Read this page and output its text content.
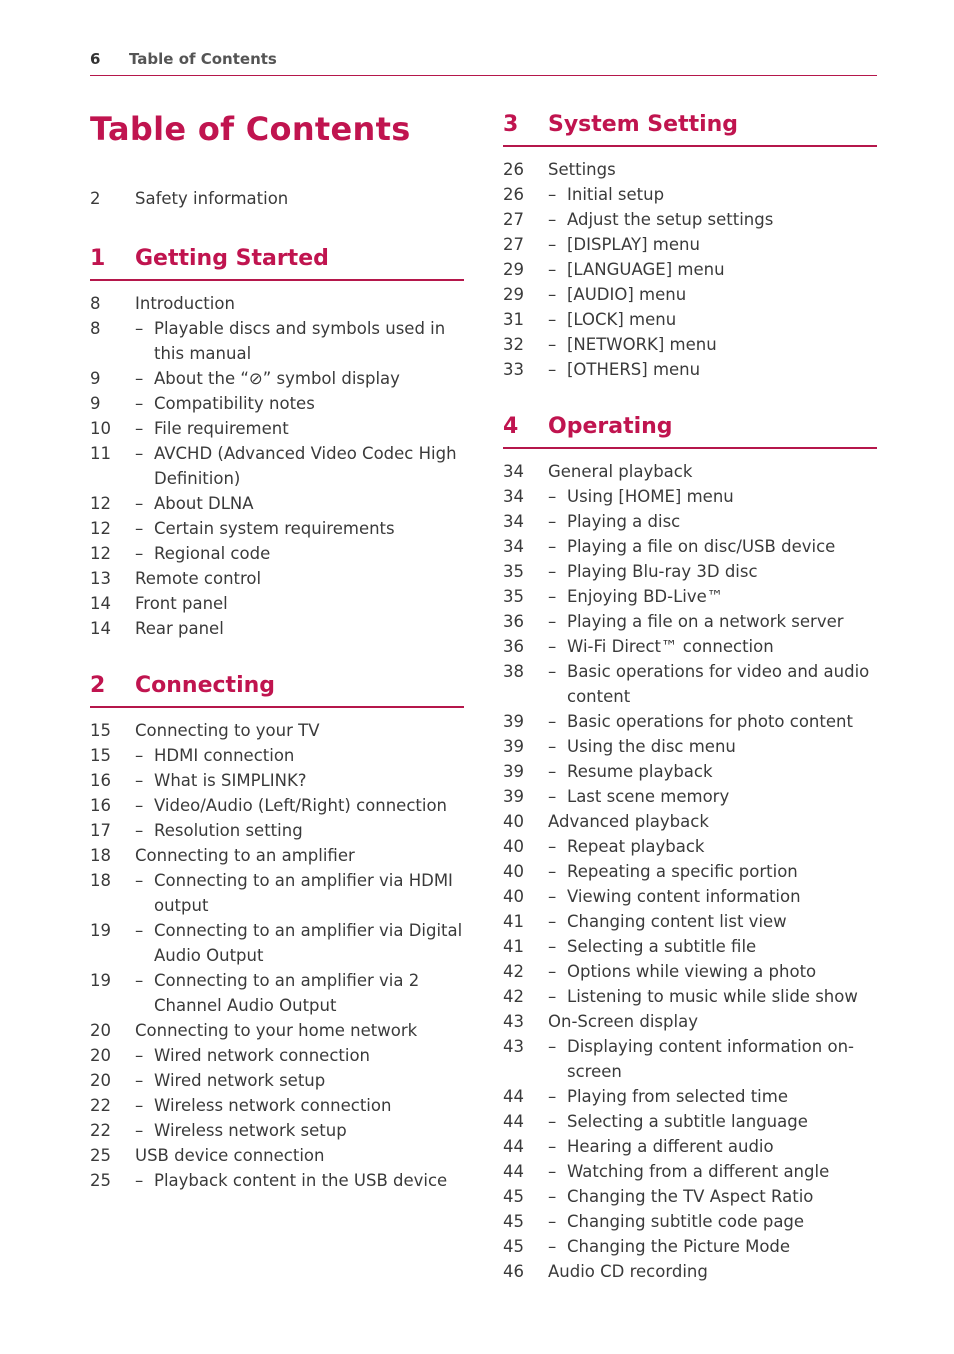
6 Table of Contents
Table of Contents
2	Safety information
1 Getting Started
8	Introduction
8 – Playable discs and symbols used in this manual
9 – About the “⊘” symbol display
9 – Compatibility notes
10 – File requirement
11 – AVCHD (Advanced Video Codec High Definition)
12 – About DLNA
12 – Certain system requirements
12 – Regional code
13	Remote control
14	Front panel
14	Rear panel
2 Connecting
15	Connecting to your TV
15 – HDMI connection
16 – What is SIMPLINK?
16 – Video/Audio (Left/Right) connection
17 – Resolution setting
18	Connecting to an amplifier
18 – Connecting to an amplifier via HDMI output
19 – Connecting to an amplifier via Digital Audio Output
19 – Connecting to an amplifier via 2 Channel Audio Output
20	Connecting to your home network
20 – Wired network connection
20 – Wired network setup
22 – Wireless network connection
22 – Wireless network setup
25	USB device connection
25 – Playback content in the USB device
3 System Setting
26	Settings
26 – Initial setup
27 – Adjust the setup settings
27 – [DISPLAY] menu
29 – [LANGUAGE] menu
29 – [AUDIO] menu
31 – [LOCK] menu
32 – [NETWORK] menu
33 – [OTHERS] menu
4 Operating
34	General playback
34 – Using [HOME] menu
34 – Playing a disc
34 – Playing a file on disc/USB device
35 – Playing Blu-ray 3D disc
35 – Enjoying BD-Live™
36 – Playing a file on a network server
36 – Wi-Fi Direct™ connection
38 – Basic operations for video and audio content
39 – Basic operations for photo content
39 – Using the disc menu
39 – Resume playback
39 – Last scene memory
40	Advanced playback
40 – Repeat playback
40 – Repeating a specific portion
40 – Viewing content information
41 – Changing content list view
41 – Selecting a subtitle file
42 – Options while viewing a photo
42 – Listening to music while slide show
43	On-Screen display
43 – Displaying content information on-screen
44 – Playing from selected time
44 – Selecting a subtitle language
44 – Hearing a different audio
44 – Watching from a different angle
45 – Changing the TV Aspect Ratio
45 – Changing subtitle code page
45 – Changing the Picture Mode
46	Audio CD recording
